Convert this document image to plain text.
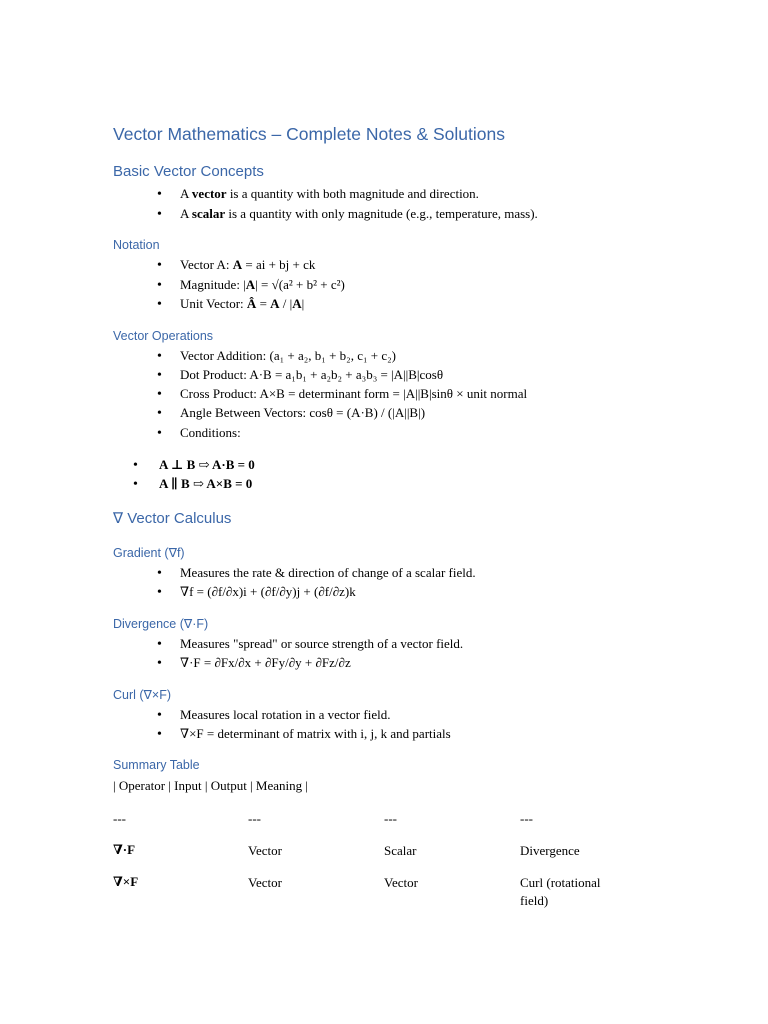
Vector Mathematics – Complete Notes & Solutions
Basic Vector Concepts
• A vector is a quantity with both magnitude and direction.
• A scalar is a quantity with only magnitude (e.g., temperature, mass).
Notation
• Vector A: A = ai + bj + ck
• Magnitude: |A| = √(a² + b² + c²)
• Unit Vector: Â = A / |A|
Vector Operations
• Vector Addition: (a₁ + a₂, b₁ + b₂, c₁ + c₂)
• Dot Product: A·B = a₁b₁ + a₂b₂ + a₃b₃ = |A||B|cosθ
• Cross Product: A×B = determinant form = |A||B|sinθ × unit normal
• Angle Between Vectors: cosθ = (A·B) / (|A||B|)
• Conditions:
• A ⊥ B ⇨ A·B = 0
• A ∥ B ⇨ A×B = 0
∇ Vector Calculus
Gradient (∇f)
• Measures the rate & direction of change of a scalar field.
• ∇f = (∂f/∂x)i + (∂f/∂y)j + (∂f/∂z)k
Divergence (∇·F)
• Measures "spread" or source strength of a vector field.
• ∇·F = ∂Fx/∂x + ∂Fy/∂y + ∂Fz/∂z
Curl (∇×F)
• Measures local rotation in a vector field.
• ∇×F = determinant of matrix with i, j, k and partials
Summary Table
| Operator | Input | Output | Meaning |
---	---	---	---
∇·F	Vector	Scalar	Divergence
∇×F	Vector	Vector	Curl (rotational field)
